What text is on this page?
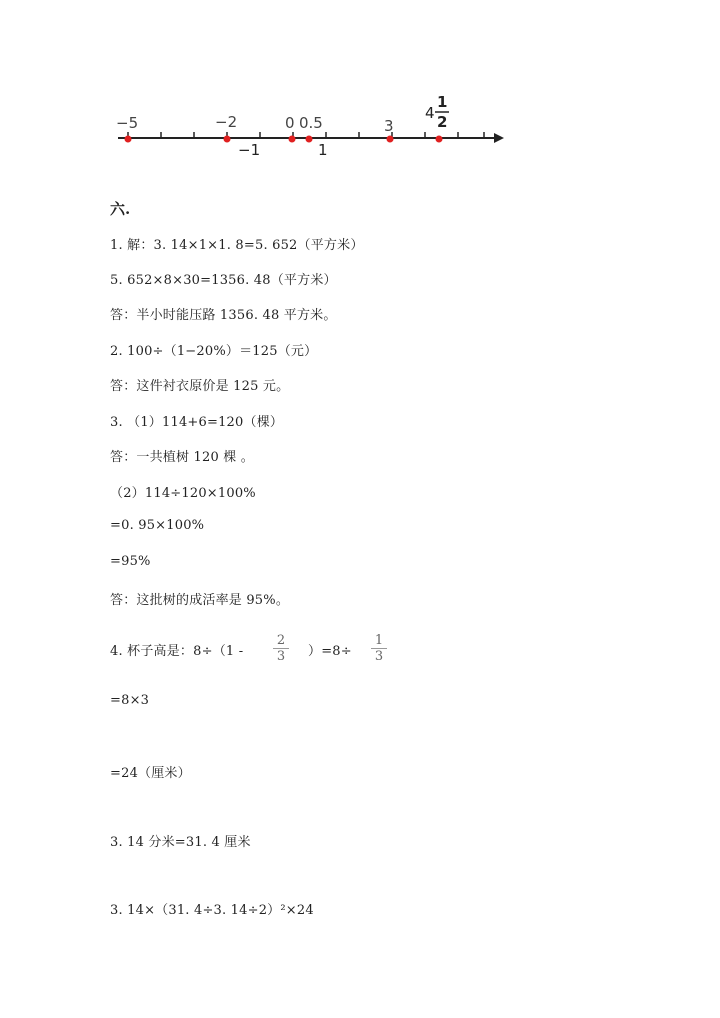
−5	−2	0 0.5	3
4
1
2
−1	1
六.
1. 解：3. 14×1×1. 8=5. 652（平方米）
5. 652×8×30=1356. 48（平方米）
答：半小时能压路 1356. 48 平方米。
2. 100÷（1−20%）＝125（元）
答：这件衬衣原价是 125 元。
3. （1）114+6=120（棵）
答：一共植树 120 棵 。
（2）114÷120×100%
=0. 95×100%
=95%
答：这批树的成活率是 95%。
4. 杯子高是：$8\div(1 - \frac{2}{3} )=8\div \frac{1}{3}$
=8×3
=24（厘米）
3. 14 分米=31. 4 厘米
3. 14×（31. 4÷3. 14÷2）²×24
